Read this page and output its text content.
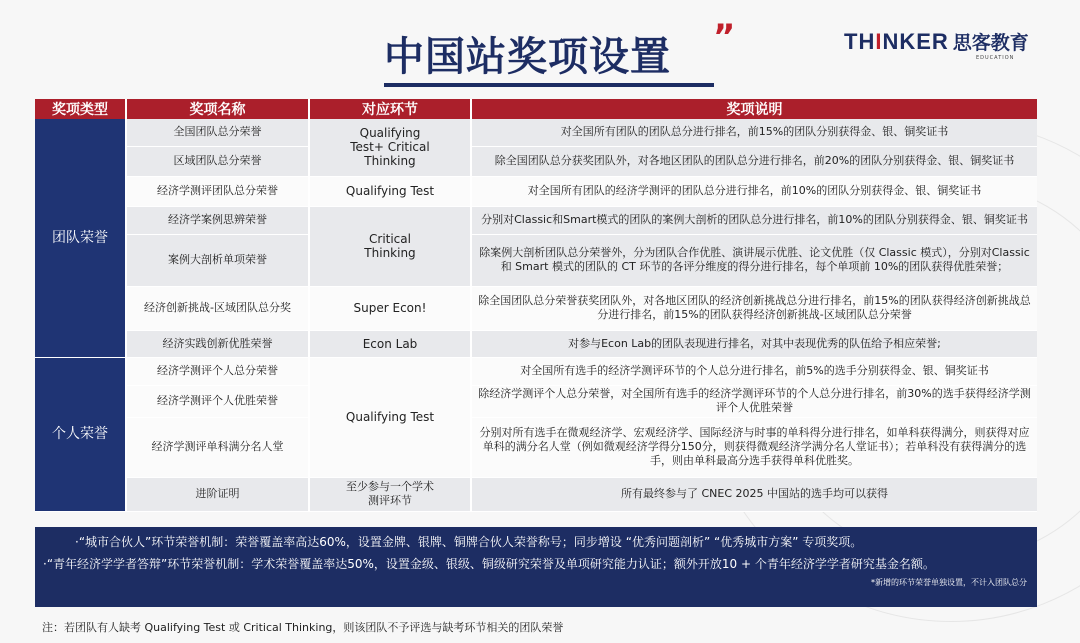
中国站奖项设置 ”	THINKER 思客教育
EDUCATION
奖项类型	奖项名称	对应环节	奖项说明
团队荣誉	全国团队总分荣誉	Qualifying Test+ Critical Thinking	对全国所有团队的团队总分进行排名，前15%的团队分别获得金、银、铜奖证书
	区域团队总分荣誉		除全国团队总分获奖团队外，对各地区团队的团队总分进行排名，前20%的团队分别获得金、银、铜奖证书
	经济学测评团队总分荣誉	Qualifying Test	对全国所有团队的经济学测评的团队总分进行排名，前10%的团队分别获得金、银、铜奖证书
	经济学案例思辨荣誉	Critical Thinking	分别对Classic和Smart模式的团队的案例大剖析的团队总分进行排名，前10%的团队分别获得金、银、铜奖证书
	案例大剖析单项荣誉		除案例大剖析团队总分荣誉外，分为团队合作优胜、演讲展示优胜、论文优胜（仅 Classic 模式），分别对Classic 和 Smart 模式的团队的 CT 环节的各评分维度的得分进行排名，每个单项前 10%的团队获得优胜荣誉；
	经济创新挑战-区域团队总分奖	Super Econ!	除全国团队总分荣誉获奖团队外，对各地区团队的经济创新挑战总分进行排名，前15%的团队获得经济创新挑战总分进行排名，前15%的团队获得经济创新挑战-区域团队总分荣誉
	经济实践创新优胜荣誉	Econ Lab	对参与Econ Lab的团队表现进行排名，对其中表现优秀的队伍给予相应荣誉;
个人荣誉	经济学测评个人总分荣誉	Qualifying Test	对全国所有选手的经济学测评环节的个人总分进行排名，前5%的选手分别获得金、银、铜奖证书
	经济学测评个人优胜荣誉		除经济学测评个人总分荣誉，对全国所有选手的经济学测评环节的个人总分进行排名，前30%的选手获得经济学测评个人优胜荣誉
	经济学测评单科满分名人堂		分别对所有选手在微观经济学、宏观经济学、国际经济与时事的单科得分进行排名，如单科获得满分，则获得对应单科的满分名人堂（例如微观经济学得分150分，则获得微观经济学满分名人堂证书）；若单科没有获得满分的选手，则由单科最高分选手获得单科优胜奖。
	进阶证明	至少参与一个学术测评环节	所有最终参与了 CNEC 2025 中国站的选手均可以获得

·“城市合伙人”环节荣誉机制：荣誉覆盖率高达60%，设置金牌、银牌、铜牌合伙人荣誉称号；同步增设 “优秀问题剖析” “优秀城市方案” 专项奖项。

·“青年经济学学者答辩”环节荣誉机制：学术荣誉覆盖率达50%，设置金级、银级、铜级研究荣誉及单项研究能力认证；额外开放10 + 个青年经济学学者研究基金名额。

*新增的环节荣誉单独设置，不计入团队总分

注：若团队有人缺考 Qualifying Test 或 Critical Thinking，则该团队不予评选与缺考环节相关的团队荣誉
